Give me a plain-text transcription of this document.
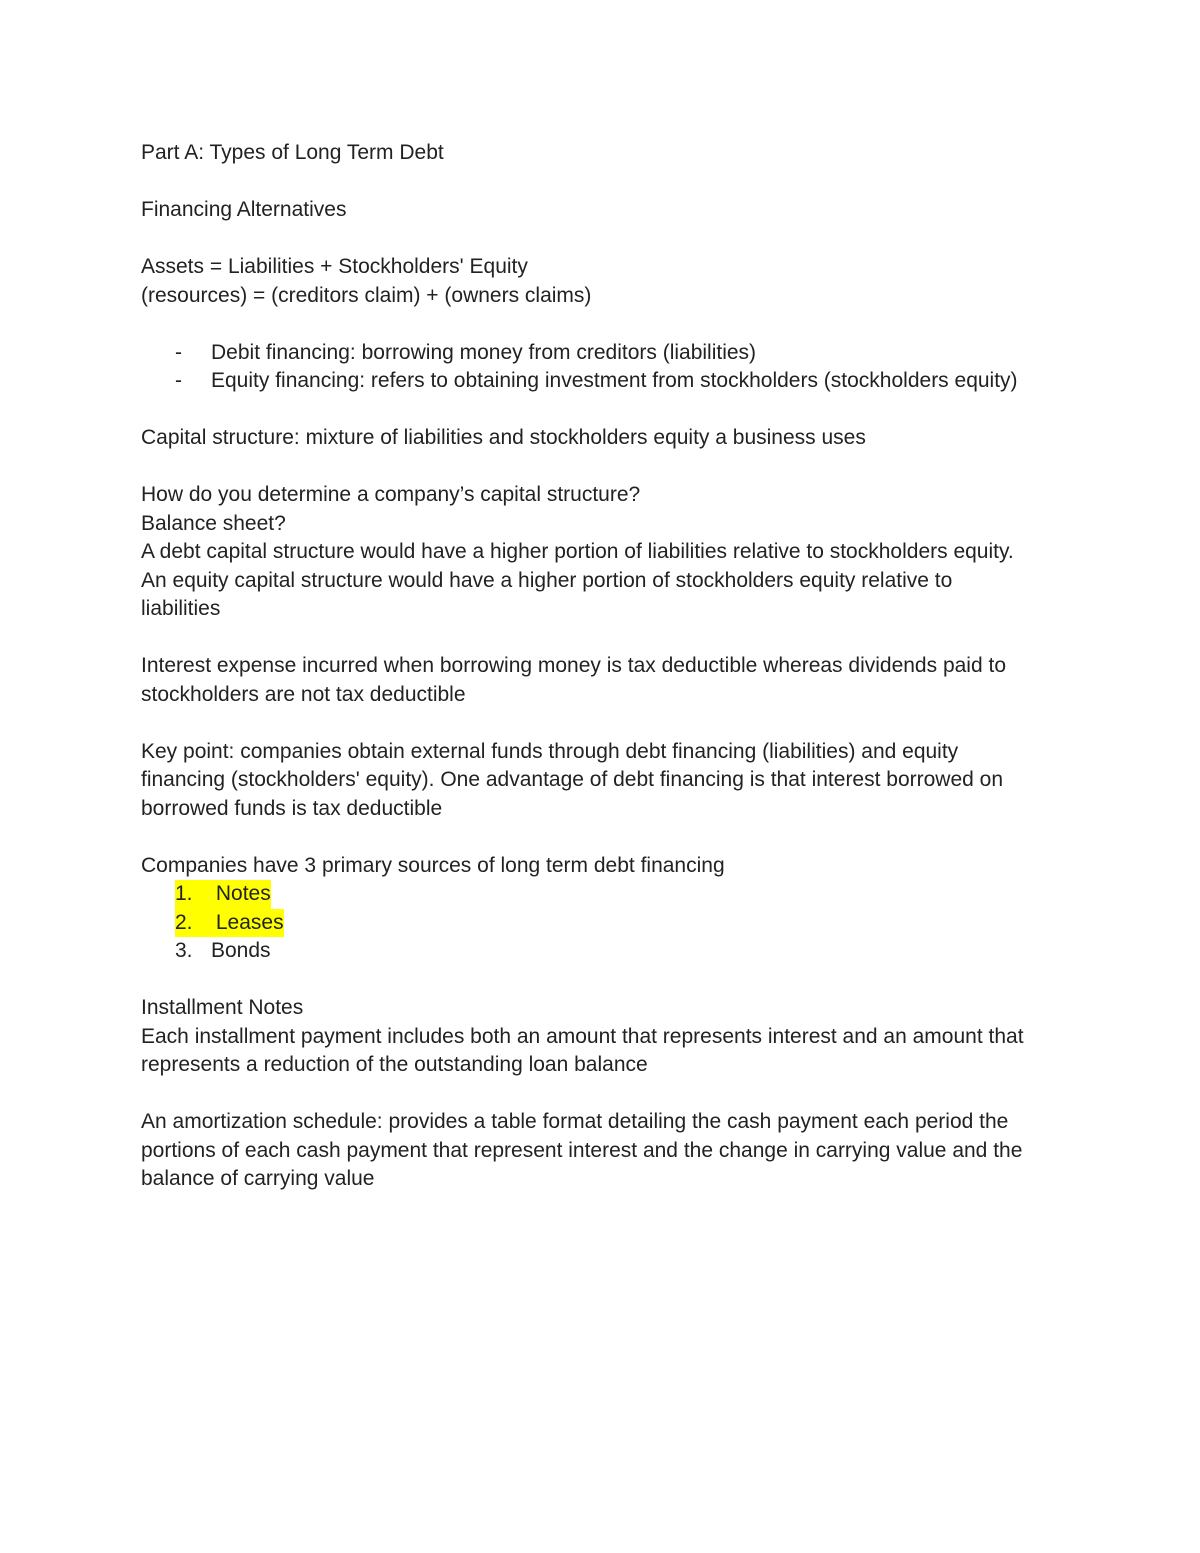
Part A: Types of Long Term Debt

Financing Alternatives

Assets = Liabilities + Stockholders' Equity

(resources) = (creditors claim) + (owners claims)

- Debit financing: borrowing money from creditors (liabilities)

- Equity financing: refers to obtaining investment from stockholders (stockholders equity)

Capital structure: mixture of liabilities and stockholders equity a business uses

How do you determine a company’s capital structure?

Balance sheet?

A debt capital structure would have a higher portion of liabilities relative to stockholders equity.

An equity capital structure would have a higher portion of stockholders equity relative to

liabilities

Interest expense incurred when borrowing money is tax deductible whereas dividends paid to

stockholders are not tax deductible

Key point: companies obtain external funds through debt financing (liabilities) and equity

financing (stockholders' equity). One advantage of debt financing is that interest borrowed on

borrowed funds is tax deductible

Companies have 3 primary sources of long term debt financing

1. Notes

2. Leases

3. Bonds

Installment Notes

Each installment payment includes both an amount that represents interest and an amount that

represents a reduction of the outstanding loan balance

An amortization schedule: provides a table format detailing the cash payment each period the

portions of each cash payment that represent interest and the change in carrying value and the

balance of carrying value
